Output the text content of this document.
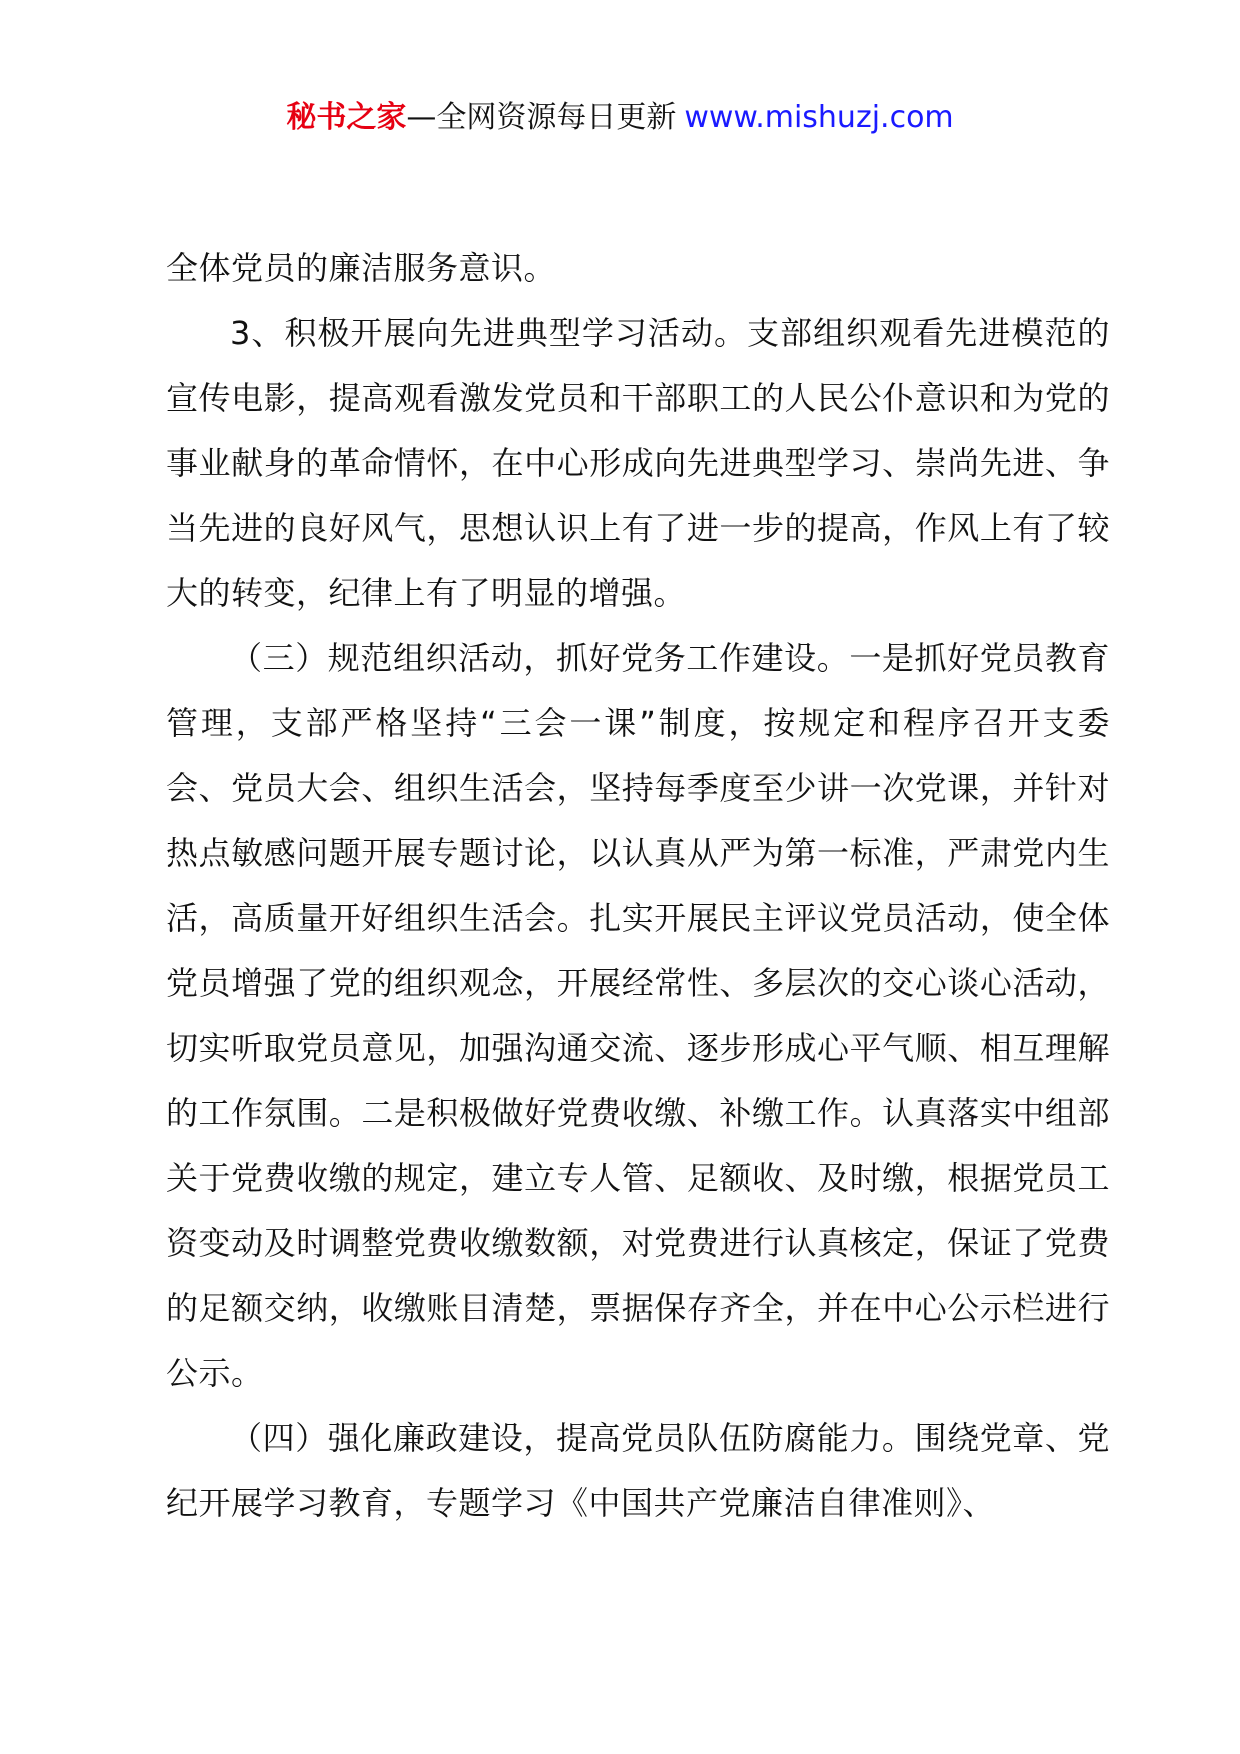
秘书之家—全网资源每日更新 www.mishuzj.com

全体党员的廉洁服务意识。

3、积极开展向先进典型学习活动。支部组织观看先进模范的宣传电影，提高观看激发党员和干部职工的人民公仆意识和为党的事业献身的革命情怀，在中心形成向先进典型学习、崇尚先进、争当先进的良好风气，思想认识上有了进一步的提高，作风上有了较大的转变，纪律上有了明显的增强。

（三）规范组织活动，抓好党务工作建设。一是抓好党员教育管理，支部严格坚持“三会一课”制度，按规定和程序召开支委会、党员大会、组织生活会，坚持每季度至少讲一次党课，并针对热点敏感问题开展专题讨论，以认真从严为第一标准，严肃党内生活，高质量开好组织生活会。扎实开展民主评议党员活动，使全体党员增强了党的组织观念，开展经常性、多层次的交心谈心活动，切实听取党员意见，加强沟通交流、逐步形成心平气顺、相互理解的工作氛围。二是积极做好党费收缴、补缴工作。认真落实中组部关于党费收缴的规定，建立专人管、足额收、及时缴，根据党员工资变动及时调整党费收缴数额，对党费进行认真核定，保证了党费的足额交纳，收缴账目清楚，票据保存齐全，并在中心公示栏进行公示。

（四）强化廉政建设，提高党员队伍防腐能力。围绕党章、党纪开展学习教育，专题学习《中国共产党廉洁自律准则》、
